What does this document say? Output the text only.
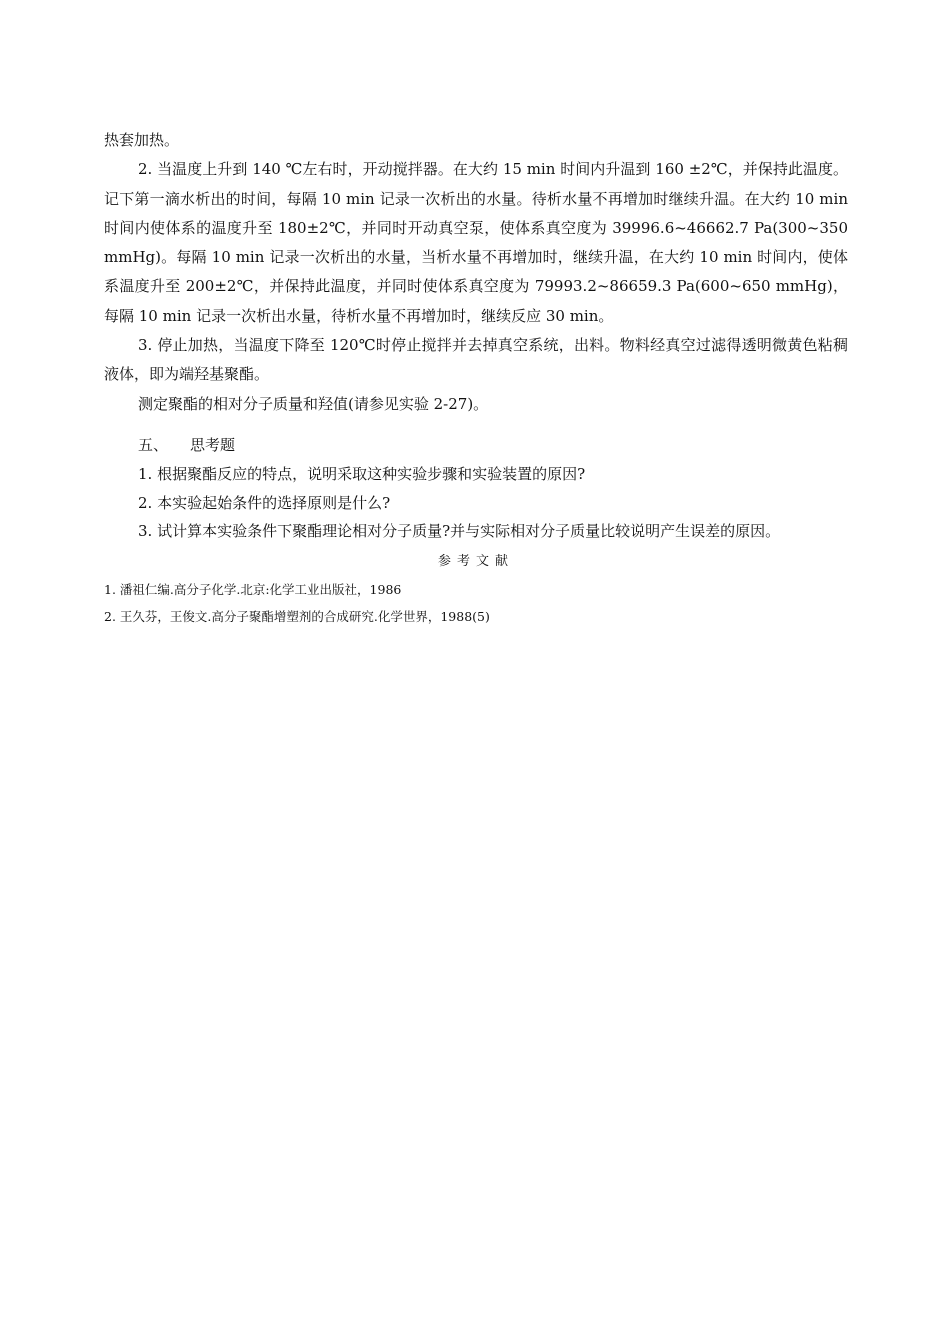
热套加热。

2. 当温度上升到 140 ℃左右时，开动搅拌器。在大约 15 min 时间内升温到 160 ±2℃，并保持此温度。记下第一滴水析出的时间，每隔 10 min 记录一次析出的水量。待析水量不再增加时继续升温。在大约 10 min 时间内使体系的温度升至 180±2℃，并同时开动真空泵，使体系真空度为 39996.6~46662.7 Pa(300~350 mmHg)。每隔 10 min 记录一次析出的水量，当析水量不再增加时，继续升温，在大约 10 min 时间内，使体系温度升至 200±2℃，并保持此温度，并同时使体系真空度为 79993.2~86659.3 Pa(600~650 mmHg)，每隔 10 min 记录一次析出水量，待析水量不再增加时，继续反应 30 min。

3. 停止加热，当温度下降至 120℃时停止搅拌并去掉真空系统，出料。物料经真空过滤得透明微黄色粘稠液体，即为端羟基聚酯。

测定聚酯的相对分子质量和羟值(请参见实验 2-27)。

五、 思考题

1. 根据聚酯反应的特点，说明采取这种实验步骤和实验装置的原因?

2. 本实验起始条件的选择原则是什么?

3. 试计算本实验条件下聚酯理论相对分子质量?并与实际相对分子质量比较说明产生误差的原因。

参考文献

1. 潘祖仁编.高分子化学.北京:化学工业出版社，1986

2. 王久芬，王俊文.高分子聚酯增塑剂的合成研究.化学世界，1988(5)
